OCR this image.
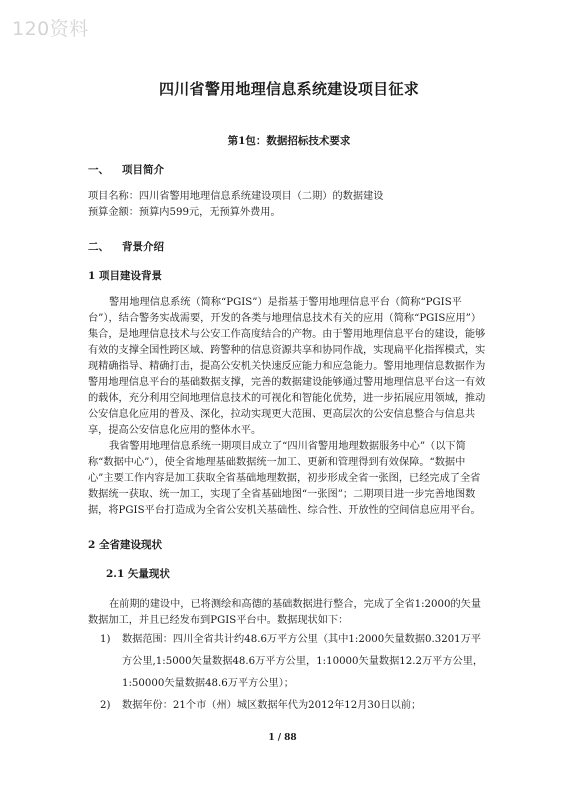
120资料
四川省警用地理信息系统建设项目征求
第1包：数据招标技术要求
一、 项目简介

项目名称：四川省警用地理信息系统建设项目（二期）的数据建设

预算金额：预算内599元，无预算外费用。

二、 背景介绍
1 项目建设背景

警用地理信息系统（简称“PGIS”）是指基于警用地理信息平台（简称“PGIS平台”），结合警务实战需要，开发的各类与地理信息技术有关的应用（简称“PGIS应用”）集合，是地理信息技术与公安工作高度结合的产物。由于警用地理信息平台的建设，能够有效的支撑全国性跨区域、跨警种的信息资源共享和协同作战，实现扁平化指挥模式，实现精确指导、精确打击，提高公安机关快速反应能力和应急能力。警用地理信息数据作为警用地理信息平台的基础数据支撑，完善的数据建设能够通过警用地理信息平台这一有效的载体，充分利用空间地理信息技术的可视化和智能化优势，进一步拓展应用领域，推动公安信息化应用的普及、深化，拉动实现更大范围、更高层次的公安信息整合与信息共享，提高公安信息化应用的整体水平。

我省警用地理信息系统一期项目成立了“四川省警用地理数据服务中心”（以下简称“数据中心”），使全省地理基础数据统一加工、更新和管理得到有效保障。“数据中心”主要工作内容是加工获取全省基础地理数据，初步形成全省一张图，已经完成了全省数据统一获取、统一加工，实现了全省基础地图“一张图”；二期项目进一步完善地图数据，将PGIS平台打造成为全省公安机关基础性、综合性、开放性的空间信息应用平台。

2 全省建设现状
2.1 矢量现状

在前期的建设中，已将测绘和高德的基础数据进行整合，完成了全省1:2000的矢量数据加工，并且已经发布到PGIS平台中。数据现状如下：

1) 数据范围：四川全省共计约48.6万平方公里（其中1:2000矢量数据0.3201万平方公里,1:5000矢量数据48.6万平方公里，1:10000矢量数据12.2万平方公里，1:50000矢量数据48.6万平方公里）；
2) 数据年份：21个市（州）城区数据年代为2012年12月30日以前；
1 / 88
